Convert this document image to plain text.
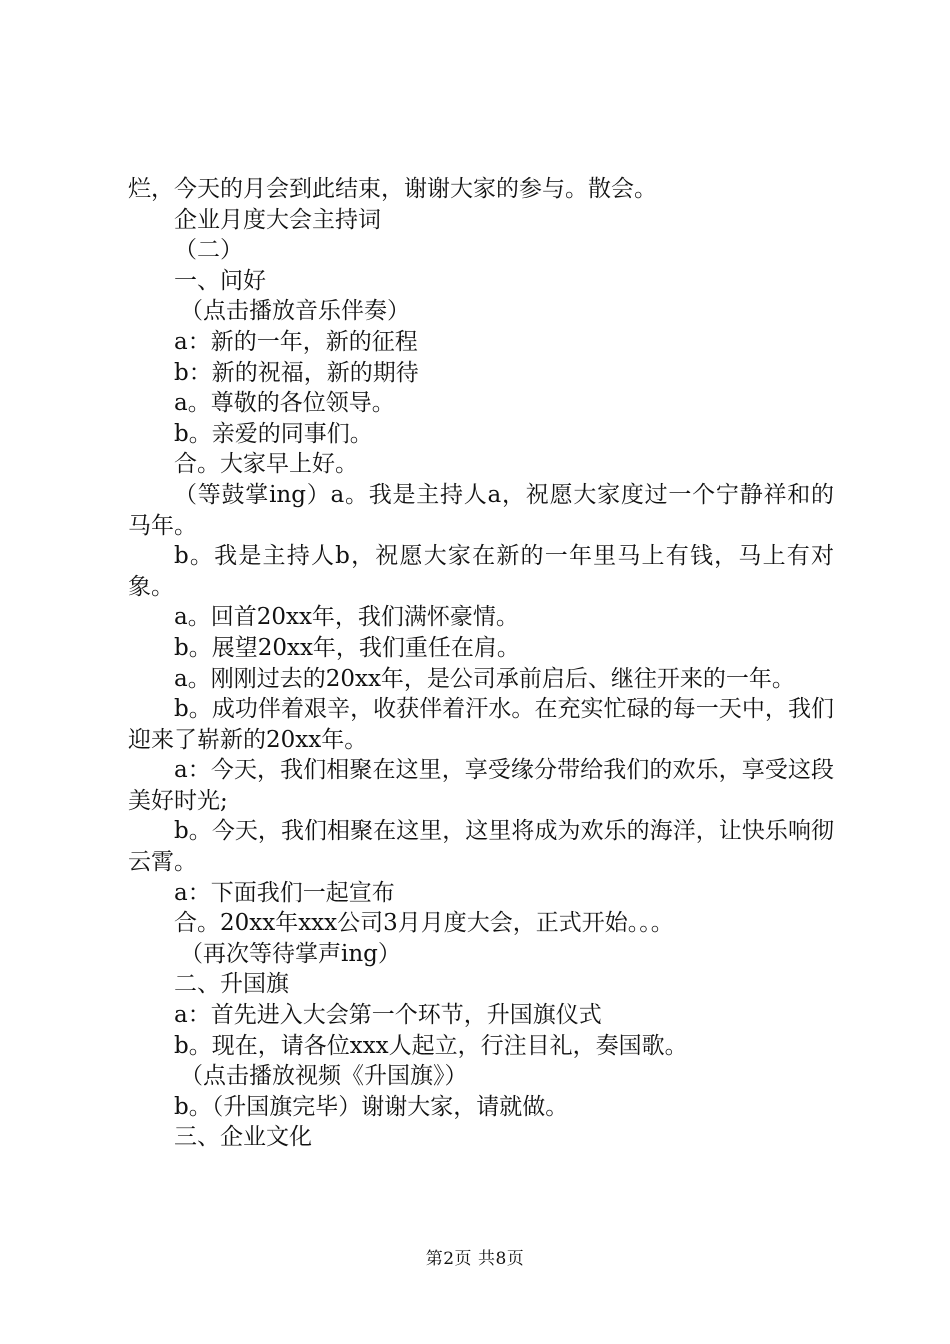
烂，今天的月会到此结束，谢谢大家的参与。散会。
企业月度大会主持词
（二）
一、问好
（点击播放音乐伴奏）
a：新的一年，新的征程
b：新的祝福，新的期待
a。尊敬的各位领导。
b。亲爱的同事们。
合。大家早上好。

（等鼓掌ing）a。我是主持人a，祝愿大家度过一个宁静祥和的马年。

b。我是主持人b，祝愿大家在新的一年里马上有钱，马上有对象。

a。回首20xx年，我们满怀豪情。
b。展望20xx年，我们重任在肩。

a。刚刚过去的20xx年，是公司承前启后、继往开来的一年。

b。成功伴着艰辛，收获伴着汗水。在充实忙碌的每一天中，我们迎来了崭新的20xx年。

a：今天，我们相聚在这里，享受缘分带给我们的欢乐，享受这段美好时光;

b。今天，我们相聚在这里，这里将成为欢乐的海洋，让快乐响彻云霄。

a：下面我们一起宣布
合。20xx年xxx公司3月月度大会，正式开始。。。
（再次等待掌声ing）
二、升国旗
a：首先进入大会第一个环节，升国旗仪式
b。现在，请各位xxx人起立，行注目礼，奏国歌。
（点击播放视频《升国旗》）
b。（升国旗完毕）谢谢大家，请就做。
三、企业文化
第2页 共8页
